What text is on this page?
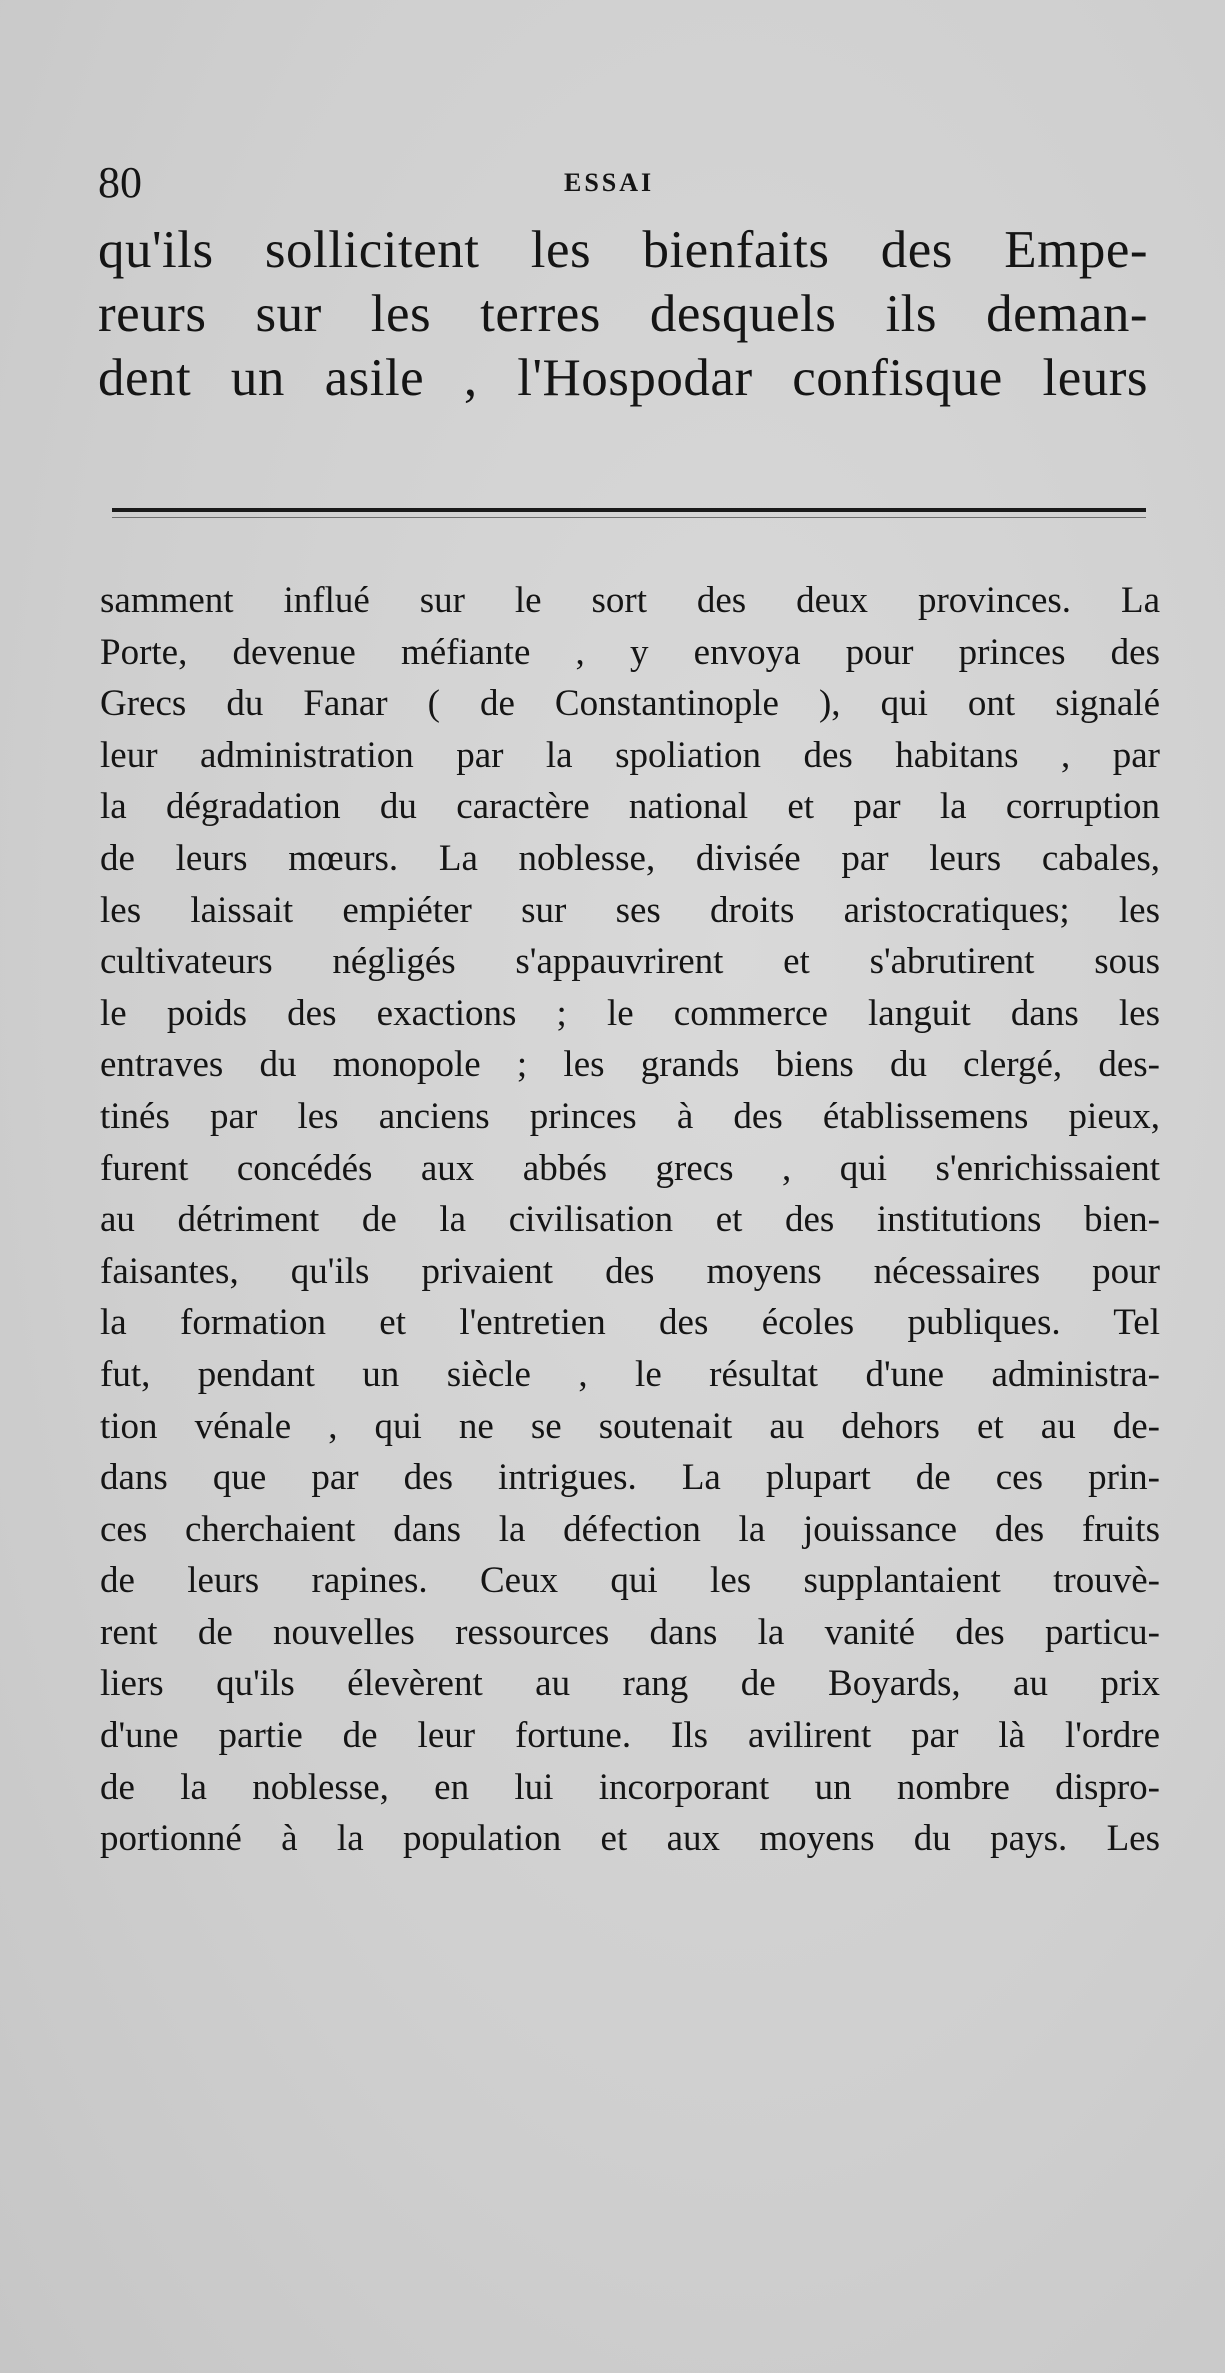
80	ESSAI
qu'ils sollicitent les bienfaits des Empe-
reurs sur les terres desquels ils deman-
dent un asile , l'Hospodar confisque leurs
samment influé sur le sort des deux provinces. La
Porte, devenue méfiante , y envoya pour princes des
Grecs du Fanar ( de Constantinople ), qui ont signalé
leur administration par la spoliation des habitans , par
la dégradation du caractère national et par la corruption
de leurs mœurs. La noblesse, divisée par leurs cabales,
les laissait empiéter sur ses droits aristocratiques; les
cultivateurs négligés s'appauvrirent et s'abrutirent sous
le poids des exactions ; le commerce languit dans les
entraves du monopole ; les grands biens du clergé, des-
tinés par les anciens princes à des établissemens pieux,
furent concédés aux abbés grecs , qui s'enrichissaient
au détriment de la civilisation et des institutions bien-
faisantes, qu'ils privaient des moyens nécessaires pour
la formation et l'entretien des écoles publiques. Tel
fut, pendant un siècle , le résultat d'une administra-
tion vénale , qui ne se soutenait au dehors et au de-
dans que par des intrigues. La plupart de ces prin-
ces cherchaient dans la défection la jouissance des fruits
de leurs rapines. Ceux qui les supplantaient trouvè-
rent de nouvelles ressources dans la vanité des particu-
liers qu'ils élevèrent au rang de Boyards, au prix
d'une partie de leur fortune. Ils avilirent par là l'ordre
de la noblesse, en lui incorporant un nombre dispro-
portionné à la population et aux moyens du pays. Les
